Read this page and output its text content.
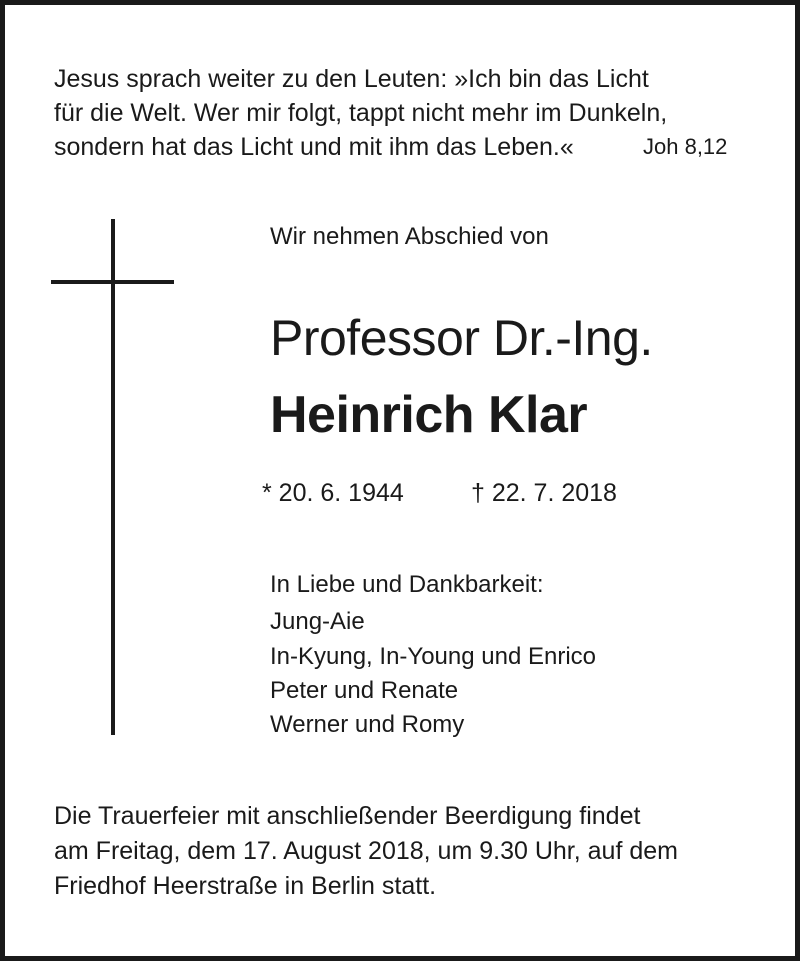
Jesus sprach weiter zu den Leuten: »Ich bin das Licht
für die Welt. Wer mir folgt, tappt nicht mehr im Dunkeln,
sondern hat das Licht und mit ihm das Leben.«	Joh 8,12
Wir nehmen Abschied von
Professor Dr.-Ing.
Heinrich Klar
* 20. 6. 1944	† 22. 7. 2018
In Liebe und Dankbarkeit:
Jung-Aie
In-Kyung, In-Young und Enrico
Peter und Renate
Werner und Romy
Die Trauerfeier mit anschließender Beerdigung findet
am Freitag, dem 17. August 2018, um 9.30 Uhr, auf dem
Friedhof Heerstraße in Berlin statt.
